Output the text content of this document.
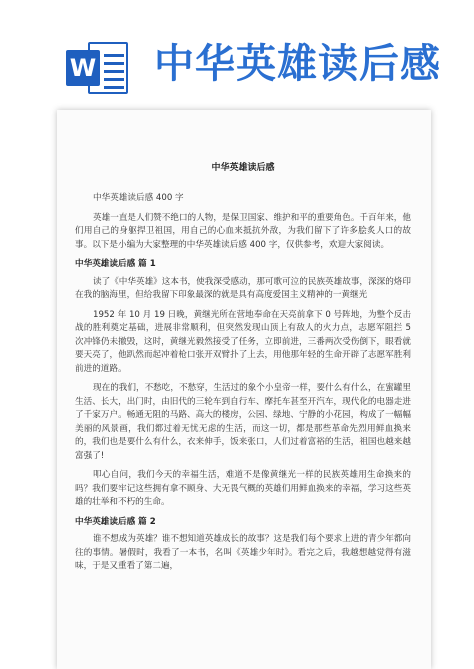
W 中华英雄读后感
中华英雄读后感

中华英雄读后感 400 字

英雄一直是人们赞不绝口的人物，是保卫国家、维护和平的重要角色。千百年来，他们用自己的身躯捍卫祖国，用自己的心血来抵抗外敌，为我们留下了许多脍炙人口的故事。以下是小编为大家整理的中华英雄读后感 400 字，仅供参考，欢迎大家阅读。

中华英雄读后感 篇 1

读了《中华英雄》这本书，使我深受感动，那可歌可泣的民族英雄故事，深深的烙印在我的脑海里，但给我留下印象最深的就是具有高度爱国主义精神的一黄继光

1952 年 10 月 19 日晚，黄继光所在营地奉命在天亮前拿下 0 号阵地，为整个反击战的胜利奠定基础，进展非常顺利，但突然发现山顶上有敌人的火力点，志愿军阻拦 5 次冲锋仍未撤毁，这时，黄继光毅然接受了任务，立即前进，三番两次受伤倒下，眼看就要天亮了，他趴然而起冲着枪口张开双臂扑了上去，用他那年轻的生命开辟了志愿军胜利前进的道路。

现在的我们，不愁吃，不愁穿，生活过的象个小皇帝一样，要什么有什么，在蜜罐里生活、长大，出门时，由旧代的三轮车到自行车、摩托车甚至开汽车，现代化的电器走进了千家万户。畅通无阻的马路、高大的楼房，公园、绿地、宁静的小花园，构成了一幅幅美丽的风景画，我们都过着无忧无虑的生活，而这一切，都是那些革命先烈用鲜血换来的，我们也是要什么有什么，衣来伸手，饭来张口，人们过着富裕的生活，祖国也越来越富强了!

叩心自问，我们今天的幸福生活，难道不是像黄继光一样的民族英雄用生命换来的吗？我们要牢记这些拥有拿不顾身、大无畏气概的英雄们用鲜血换来的幸福，学习这些英雄的壮举和不朽的生命。

中华英雄读后感 篇 2

谁不想成为英雄？谁不想知道英雄成长的故事？这是我们每个要求上进的青少年都向往的事情。暑假时，我看了一本书，名叫《英雄少年时》。看完之后，我越想越觉得有滋味，于是又重看了第二遍，
